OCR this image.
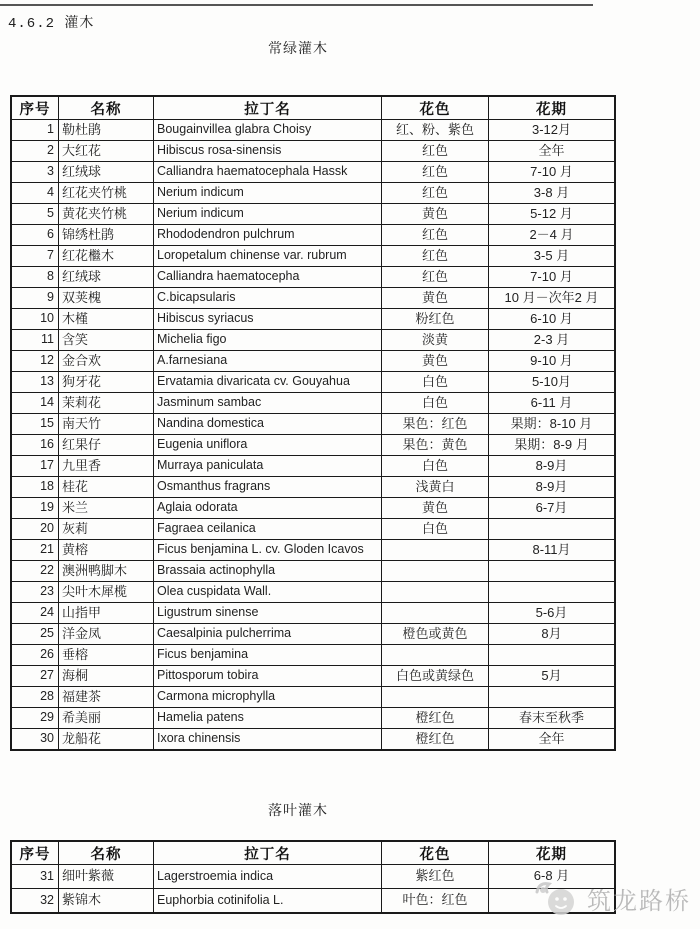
4.6.2 灌木
常绿灌木
序号	名称	拉丁名	花色	花期
1	勒杜鹃	Bougainvillea glabra Choisy	红、粉、紫色	3-12月
2	大红花	Hibiscus rosa-sinensis	红色	全年
3	红绒球	Calliandra haematocephala Hassk	红色	7-10 月
4	红花夹竹桃	Nerium indicum	红色	3-8 月
5	黄花夹竹桃	Nerium indicum	黄色	5-12 月
6	锦绣杜鹃	Rhododendron pulchrum	红色	2－4 月
7	红花檵木	Loropetalum chinense var. rubrum	红色	3-5 月
8	红绒球	Calliandra haematocepha	红色	7-10 月
9	双荚槐	C.bicapsularis	黄色	10 月－次年2 月
10	木槿	Hibiscus syriacus	粉红色	6-10 月
11	含笑	Michelia figo	淡黄	2-3 月
12	金合欢	A.farnesiana	黄色	9-10 月
13	狗牙花	Ervatamia divaricata cv. Gouyahua	白色	5-10月
14	茉莉花	Jasminum sambac	白色	6-11 月
15	南天竹	Nandina domestica	果色：红色	果期：8-10 月
16	红果仔	Eugenia uniflora	果色：黄色	果期：8-9 月
17	九里香	Murraya paniculata	白色	8-9月
18	桂花	Osmanthus fragrans	浅黄白	8-9月
19	米兰	Aglaia odorata	黄色	6-7月
20	灰莉	Fagraea ceilanica	白色	
21	黄榕	Ficus benjamina L. cv. Gloden Icavos		8-11月
22	澳洲鸭脚木	Brassaia actinophylla		
23	尖叶木犀榄	Olea cuspidata Wall.		
24	山指甲	Ligustrum sinense		5-6月
25	洋金凤	Caesalpinia pulcherrima	橙色或黄色	8月
26	垂榕	Ficus benjamina		
27	海桐	Pittosporum tobira	白色或黄绿色	5月
28	福建茶	Carmona microphylla		
29	希美丽	Hamelia patens	橙红色	春末至秋季
30	龙船花	Ixora chinensis	橙红色	全年
落叶灌木
序号	名称	拉丁名	花色	花期
31	细叶紫薇	Lagerstroemia indica	紫红色	6-8 月
32	紫锦木	Euphorbia cotinifolia L.	叶色：红色		筑龙路桥
